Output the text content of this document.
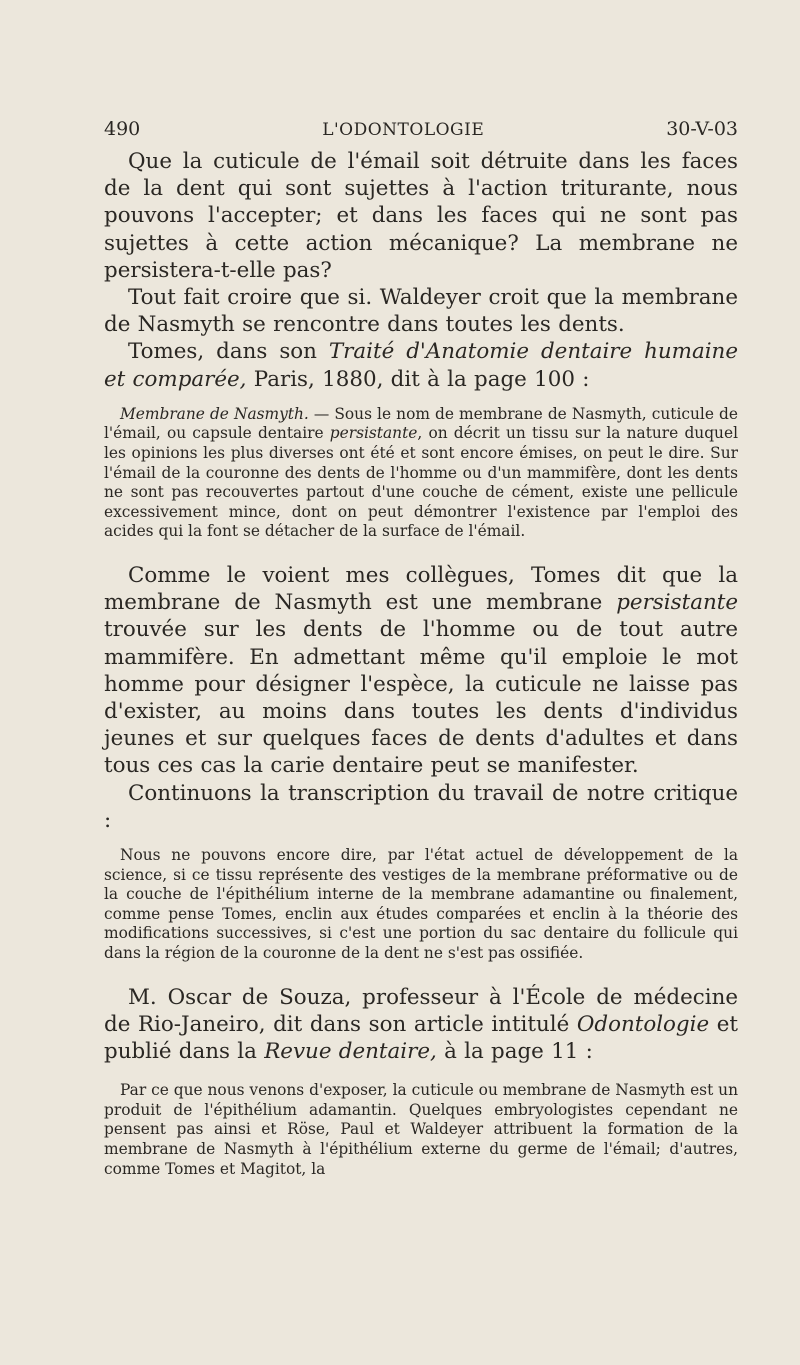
490	L'ODONTOLOGIE	30-V-03

Que la cuticule de l'émail soit détruite dans les faces de la dent qui sont sujettes à l'action triturante, nous pouvons l'accepter; et dans les faces qui ne sont pas sujettes à cette action mécanique? La membrane ne persistera-t-elle pas?

Tout fait croire que si. Waldeyer croit que la membrane de Nasmyth se rencontre dans toutes les dents.

Tomes, dans son Traité d'Anatomie dentaire humaine et comparée, Paris, 1880, dit à la page 100 :

Membrane de Nasmyth. — Sous le nom de membrane de Nasmyth, cuticule de l'émail, ou capsule dentaire persistante, on décrit un tissu sur la nature duquel les opinions les plus diverses ont été et sont encore émises, on peut le dire. Sur l'émail de la couronne des dents de l'homme ou d'un mammifère, dont les dents ne sont pas recouvertes partout d'une couche de cément, existe une pellicule excessivement mince, dont on peut démontrer l'existence par l'emploi des acides qui la font se détacher de la surface de l'émail.

Comme le voient mes collègues, Tomes dit que la membrane de Nasmyth est une membrane persistante trouvée sur les dents de l'homme ou de tout autre mammifère. En admettant même qu'il emploie le mot homme pour désigner l'espèce, la cuticule ne laisse pas d'exister, au moins dans toutes les dents d'individus jeunes et sur quelques faces de dents d'adultes et dans tous ces cas la carie dentaire peut se manifester.

Continuons la transcription du travail de notre critique :

Nous ne pouvons encore dire, par l'état actuel de développement de la science, si ce tissu représente des vestiges de la membrane préformative ou de la couche de l'épithélium interne de la membrane adamantine ou finalement, comme pense Tomes, enclin aux études comparées et enclin à la théorie des modifications successives, si c'est une portion du sac dentaire du follicule qui dans la région de la couronne de la dent ne s'est pas ossifiée.

M. Oscar de Souza, professeur à l'École de médecine de Rio-Janeiro, dit dans son article intitulé Odontologie et publié dans la Revue dentaire, à la page 11 :

Par ce que nous venons d'exposer, la cuticule ou membrane de Nasmyth est un produit de l'épithélium adamantin. Quelques embryologistes cependant ne pensent pas ainsi et Röse, Paul et Waldeyer attribuent la formation de la membrane de Nasmyth à l'épithélium externe du germe de l'émail; d'autres, comme Tomes et Magitot, la
